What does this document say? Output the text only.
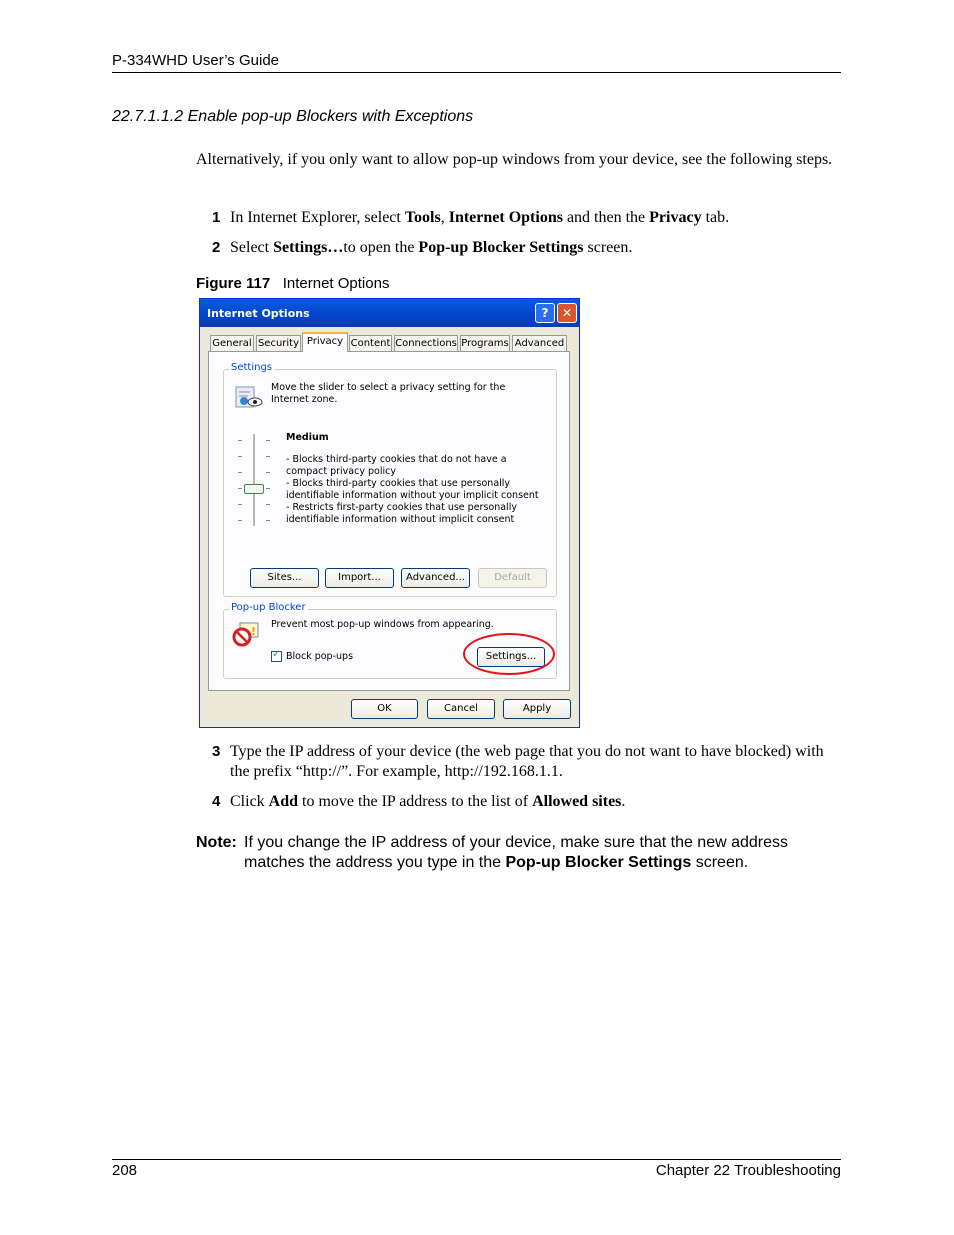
P-334WHD User’s Guide
22.7.1.1.2 Enable pop-up Blockers with Exceptions
Alternatively, if you only want to allow pop-up windows from your device, see the following steps.
1 In Internet Explorer, select Tools, Internet Options and then the Privacy tab.
2 Select Settings…to open the Pop-up Blocker Settings screen.
Figure 117 Internet Options
Internet Options	?	✕
General Security Privacy Content Connections Programs Advanced
Settings
Move the slider to select a privacy setting for the Internet zone.
Medium
- Blocks third-party cookies that do not have a compact privacy policy
- Blocks third-party cookies that use personally identifiable information without your implicit consent
- Restricts first-party cookies that use personally identifiable information without implicit consent
Sites...	Import...	Advanced...	Default
Pop-up Blocker
!
Prevent most pop-up windows from appearing.
✓
Block pop-ups	Settings...
OK	Cancel	Apply
3 Type the IP address of your device (the web page that you do not want to have blocked) with the prefix “http://”. For example, http://192.168.1.1.
4 Click Add to move the IP address to the list of Allowed sites.
Note: If you change the IP address of your device, make sure that the new address matches the address you type in the Pop-up Blocker Settings screen.
208	Chapter 22 Troubleshooting
